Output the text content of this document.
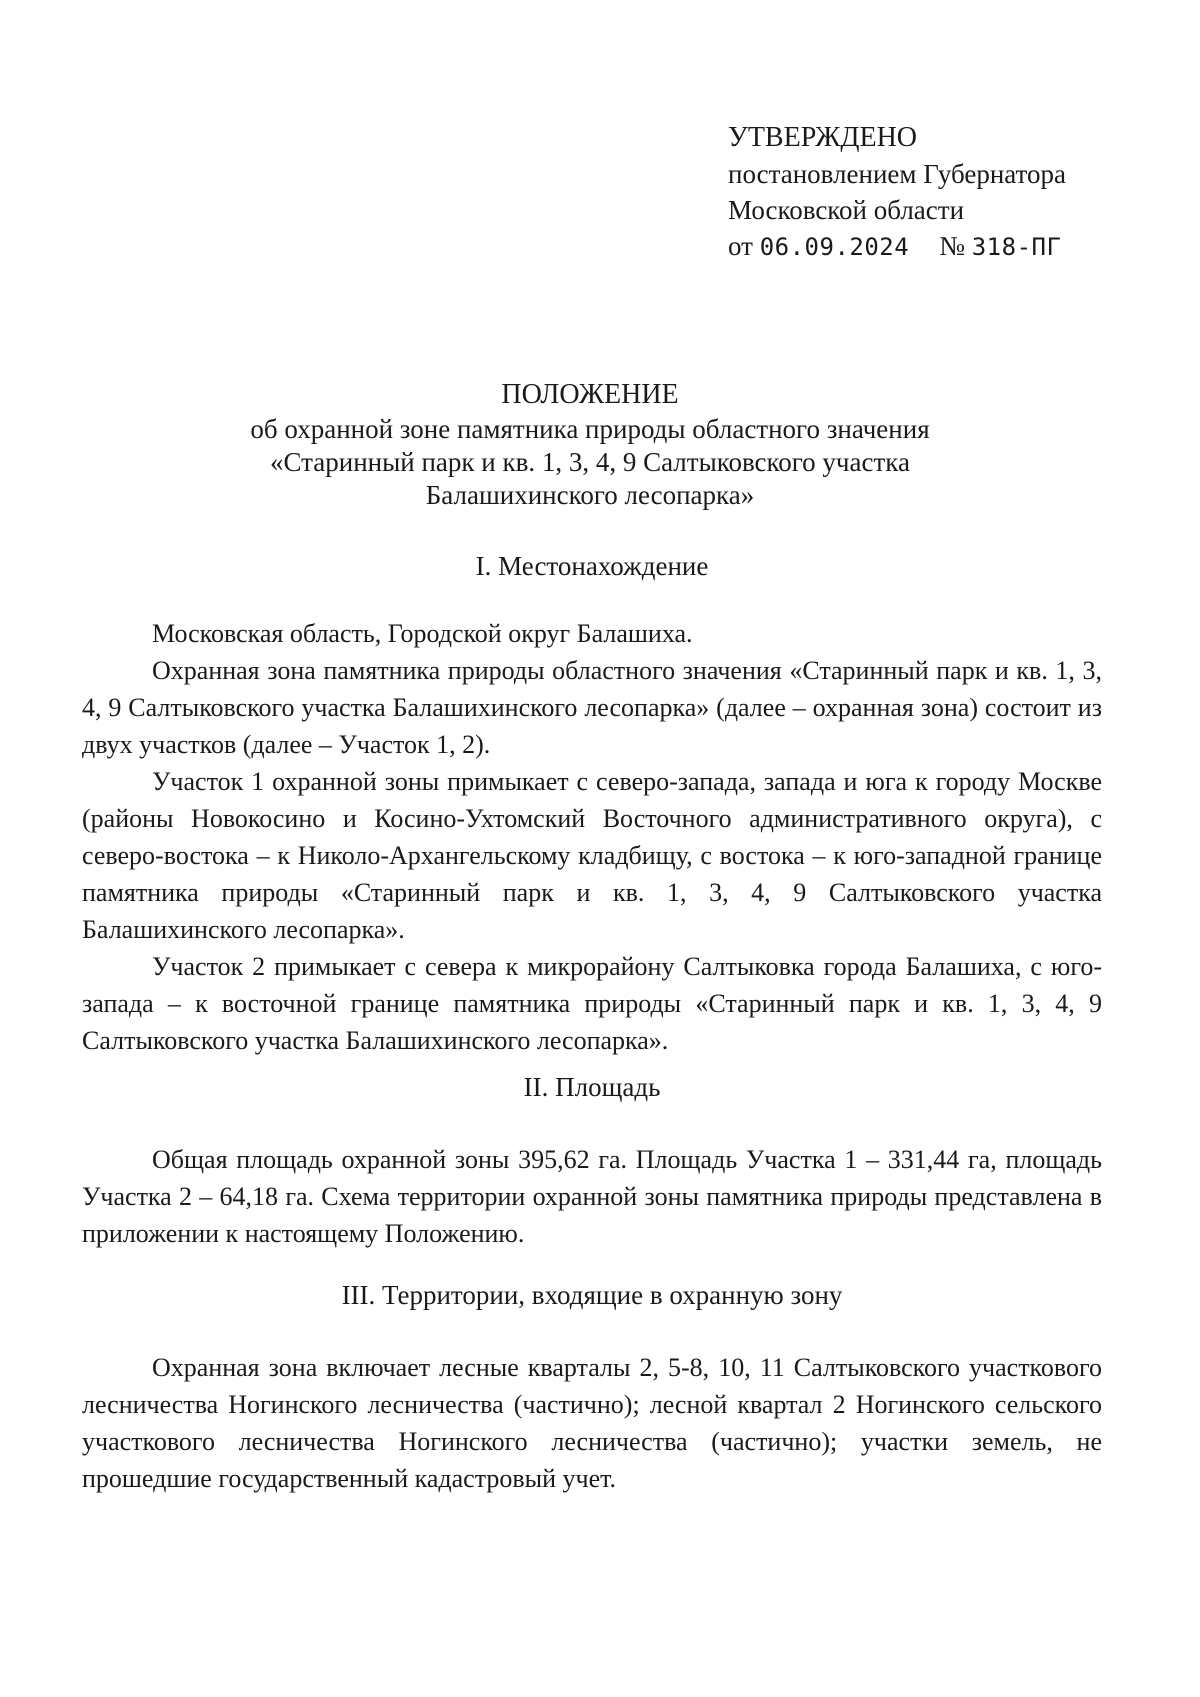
УТВЕРЖДЕНО
постановлением Губернатора
Московской области
от 06.09.2024 № 318-ПГ
ПОЛОЖЕНИЕ
об охранной зоне памятника природы областного значения
«Старинный парк и кв. 1, 3, 4, 9 Салтыковского участка
Балашихинского лесопарка»
I. Местонахождение

Московская область, Городской округ Балашиха.

Охранная зона памятника природы областного значения «Старинный парк и кв. 1, 3, 4, 9 Салтыковского участка Балашихинского лесопарка» (далее – охранная зона) состоит из двух участков (далее – Участок 1, 2).

Участок 1 охранной зоны примыкает с северо-запада, запада и юга к городу Москве (районы Новокосино и Косино-Ухтомский Восточного административного округа), с северо-востока – к Николо-Архангельскому кладбищу, с востока – к юго-западной границе памятника природы «Старинный парк и кв. 1, 3, 4, 9 Салтыковского участка Балашихинского лесопарка».

Участок 2 примыкает с севера к микрорайону Салтыковка города Балашиха, с юго-запада – к восточной границе памятника природы «Старинный парк и кв. 1, 3, 4, 9 Салтыковского участка Балашихинского лесопарка».

II. Площадь

Общая площадь охранной зоны 395,62 га. Площадь Участка 1 – 331,44 га, площадь Участка 2 – 64,18 га. Схема территории охранной зоны памятника природы представлена в приложении к настоящему Положению.

III. Территории, входящие в охранную зону

Охранная зона включает лесные кварталы 2, 5-8, 10, 11 Салтыковского участкового лесничества Ногинского лесничества (частично); лесной квартал 2 Ногинского сельского участкового лесничества Ногинского лесничества (частично); участки земель, не прошедшие государственный кадастровый учет.
